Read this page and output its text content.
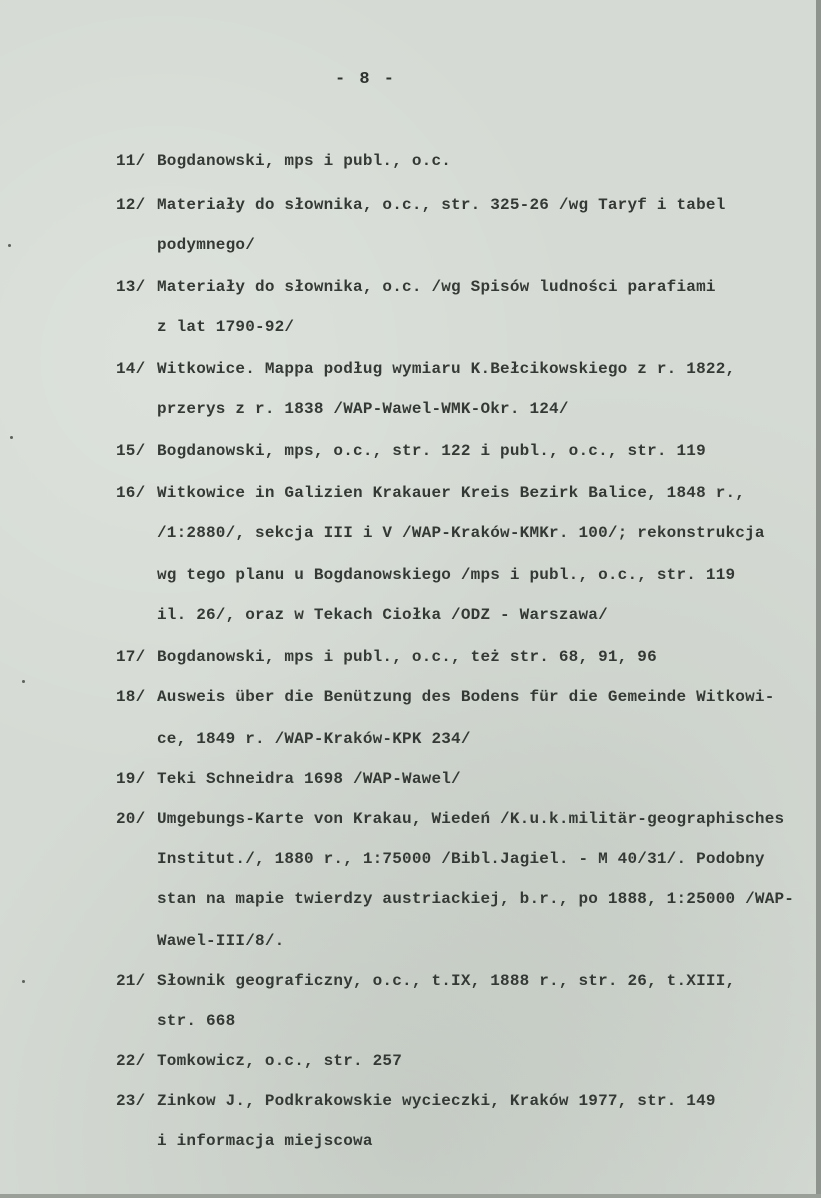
- 8 -
11/ Bogdanowski, mps i publ., o.c.
12/ Materiały do słownika, o.c., str. 325-26 /wg Taryf i tabel
podymnego/
13/ Materiały do słownika, o.c. /wg Spisów ludności parafiami
z lat 1790-92/
14/ Witkowice. Mappa podług wymiaru K.Bełcikowskiego z r. 1822,
przerys z r. 1838 /WAP-Wawel-WMK-Okr. 124/
15/ Bogdanowski, mps, o.c., str. 122 i publ., o.c., str. 119
16/ Witkowice in Galizien Krakauer Kreis Bezirk Balice, 1848 r.,
/1:2880/, sekcja III i V /WAP-Kraków-KMKr. 100/; rekonstrukcja
wg tego planu u Bogdanowskiego /mps i publ., o.c., str. 119
il. 26/, oraz w Tekach Ciołka /ODZ - Warszawa/
17/ Bogdanowski, mps i publ., o.c., też str. 68, 91, 96
18/ Ausweis über die Benützung des Bodens für die Gemeinde Witkowi-
ce, 1849 r. /WAP-Kraków-KPK 234/
19/ Teki Schneidra 1698 /WAP-Wawel/
20/ Umgebungs-Karte von Krakau, Wiedeń /K.u.k.militär-geographisches
Institut./, 1880 r., 1:75000 /Bibl.Jagiel. - M 40/31/. Podobny
stan na mapie twierdzy austriackiej, b.r., po 1888, 1:25000 /WAP-
Wawel-III/8/.
21/ Słownik geograficzny, o.c., t.IX, 1888 r., str. 26, t.XIII,
str. 668
22/ Tomkowicz, o.c., str. 257
23/ Zinkow J., Podkrakowskie wycieczki, Kraków 1977, str. 149
i informacja miejscowa
